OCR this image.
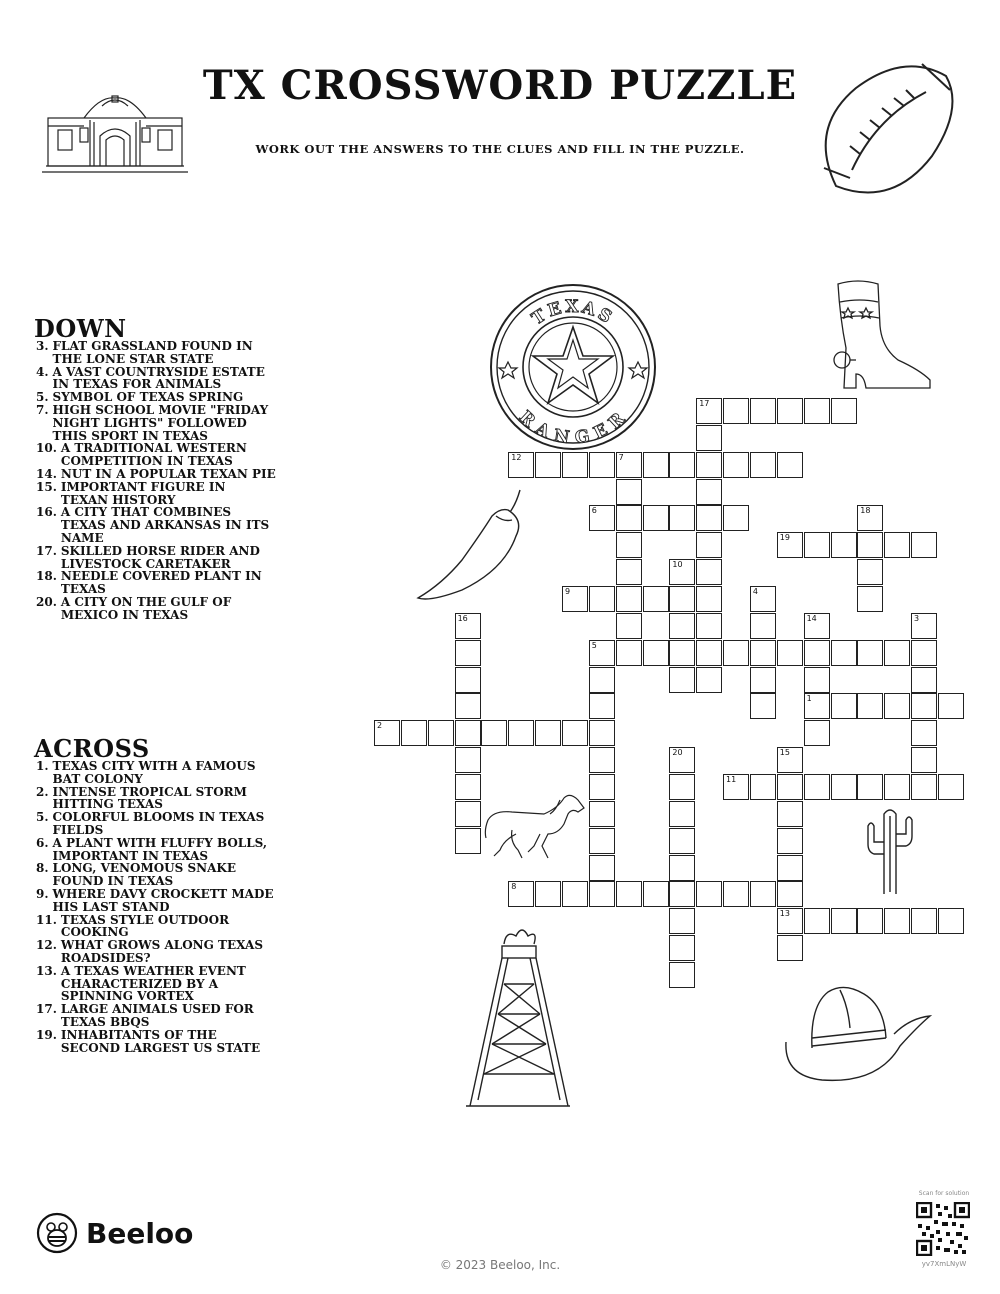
TX CROSSWORD PUZZLE
WORK OUT THE ANSWERS TO THE CLUES AND FILL IN THE PUZZLE.
TEXAS
RANGER
DOWN
3. FLAT GRASSLAND FOUND IN THE LONE STAR STATE
4. A VAST COUNTRYSIDE ESTATE IN TEXAS FOR ANIMALS
5. SYMBOL OF TEXAS SPRING
7. HIGH SCHOOL MOVIE "FRIDAY NIGHT LIGHTS" FOLLOWED THIS SPORT IN TEXAS
10. A TRADITIONAL WESTERN COMPETITION IN TEXAS
14. NUT IN A POPULAR TEXAN PIE
15. IMPORTANT FIGURE IN TEXAN HISTORY
16. A CITY THAT COMBINES TEXAS AND ARKANSAS IN ITS NAME
17. SKILLED HORSE RIDER AND LIVESTOCK CARETAKER
18. NEEDLE COVERED PLANT IN TEXAS
20. A CITY ON THE GULF OF MEXICO IN TEXAS
ACROSS
1. TEXAS CITY WITH A FAMOUS BAT COLONY
2. INTENSE TROPICAL STORM HITTING TEXAS
5. COLORFUL BLOOMS IN TEXAS FIELDS
6. A PLANT WITH FLUFFY BOLLS, IMPORTANT IN TEXAS
8. LONG, VENOMOUS SNAKE FOUND IN TEXAS
9. WHERE DAVY CROCKETT MADE HIS LAST STAND
11. TEXAS STYLE OUTDOOR COOKING
12. WHAT GROWS ALONG TEXAS ROADSIDES?
13. A TEXAS WEATHER EVENT CHARACTERIZED BY A SPINNING VORTEX
17. LARGE ANIMALS USED FOR TEXAS BBQS
19. INHABITANTS OF THE SECOND LARGEST US STATE
17
12	7
6	18
19
10
9	4
16	14
1
3
5
2
20	15
13
11
8
Beeloo
© 2023 Beeloo, Inc.
Scan for solution
yv7XmLNyW
